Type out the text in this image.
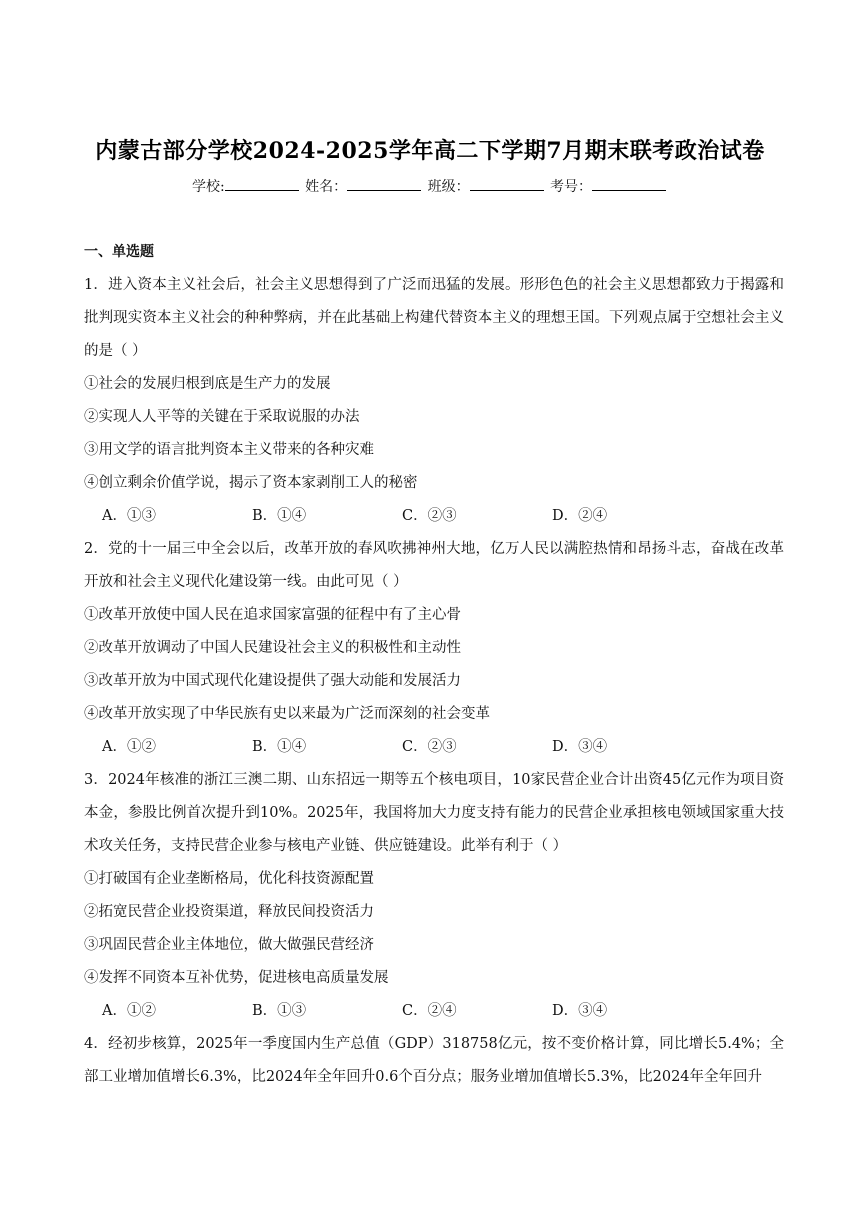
内蒙古部分学校2024-2025学年高二下学期7月期末联考政治试卷
学校:	姓名：	班级：	考号：
一、单选题

1．进入资本主义社会后，社会主义思想得到了广泛而迅猛的发展。形形色色的社会主义思想都致力于揭露和批判现实资本主义社会的种种弊病，并在此基础上构建代替资本主义的理想王国。下列观点属于空想社会主义的是（ ）

①社会的发展归根到底是生产力的发展

②实现人人平等的关键在于采取说服的办法

③用文学的语言批判资本主义带来的各种灾难

④创立剩余价值学说，揭示了资本家剥削工人的秘密

A．①③	B．①④	C．②③	D．②④

2．党的十一届三中全会以后，改革开放的春风吹拂神州大地，亿万人民以满腔热情和昂扬斗志，奋战在改革开放和社会主义现代化建设第一线。由此可见（ ）

①改革开放使中国人民在追求国家富强的征程中有了主心骨

②改革开放调动了中国人民建设社会主义的积极性和主动性

③改革开放为中国式现代化建设提供了强大动能和发展活力

④改革开放实现了中华民族有史以来最为广泛而深刻的社会变革

A．①②	B．①④	C．②③	D．③④

3．2024年核准的浙江三澳二期、山东招远一期等五个核电项目，10家民营企业合计出资45亿元作为项目资本金，参股比例首次提升到10%。2025年，我国将加大力度支持有能力的民营企业承担核电领域国家重大技术攻关任务，支持民营企业参与核电产业链、供应链建设。此举有利于（ ）

①打破国有企业垄断格局，优化科技资源配置

②拓宽民营企业投资渠道，释放民间投资活力

③巩固民营企业主体地位，做大做强民营经济

④发挥不同资本互补优势，促进核电高质量发展

A．①②	B．①③	C．②④	D．③④

4．经初步核算，2025年一季度国内生产总值（GDP）318758亿元，按不变价格计算，同比增长5.4%；全部工业增加值增长6.3%，比2024年全年回升0.6个百分点；服务业增加值增长5.3%，比2024年全年回升
